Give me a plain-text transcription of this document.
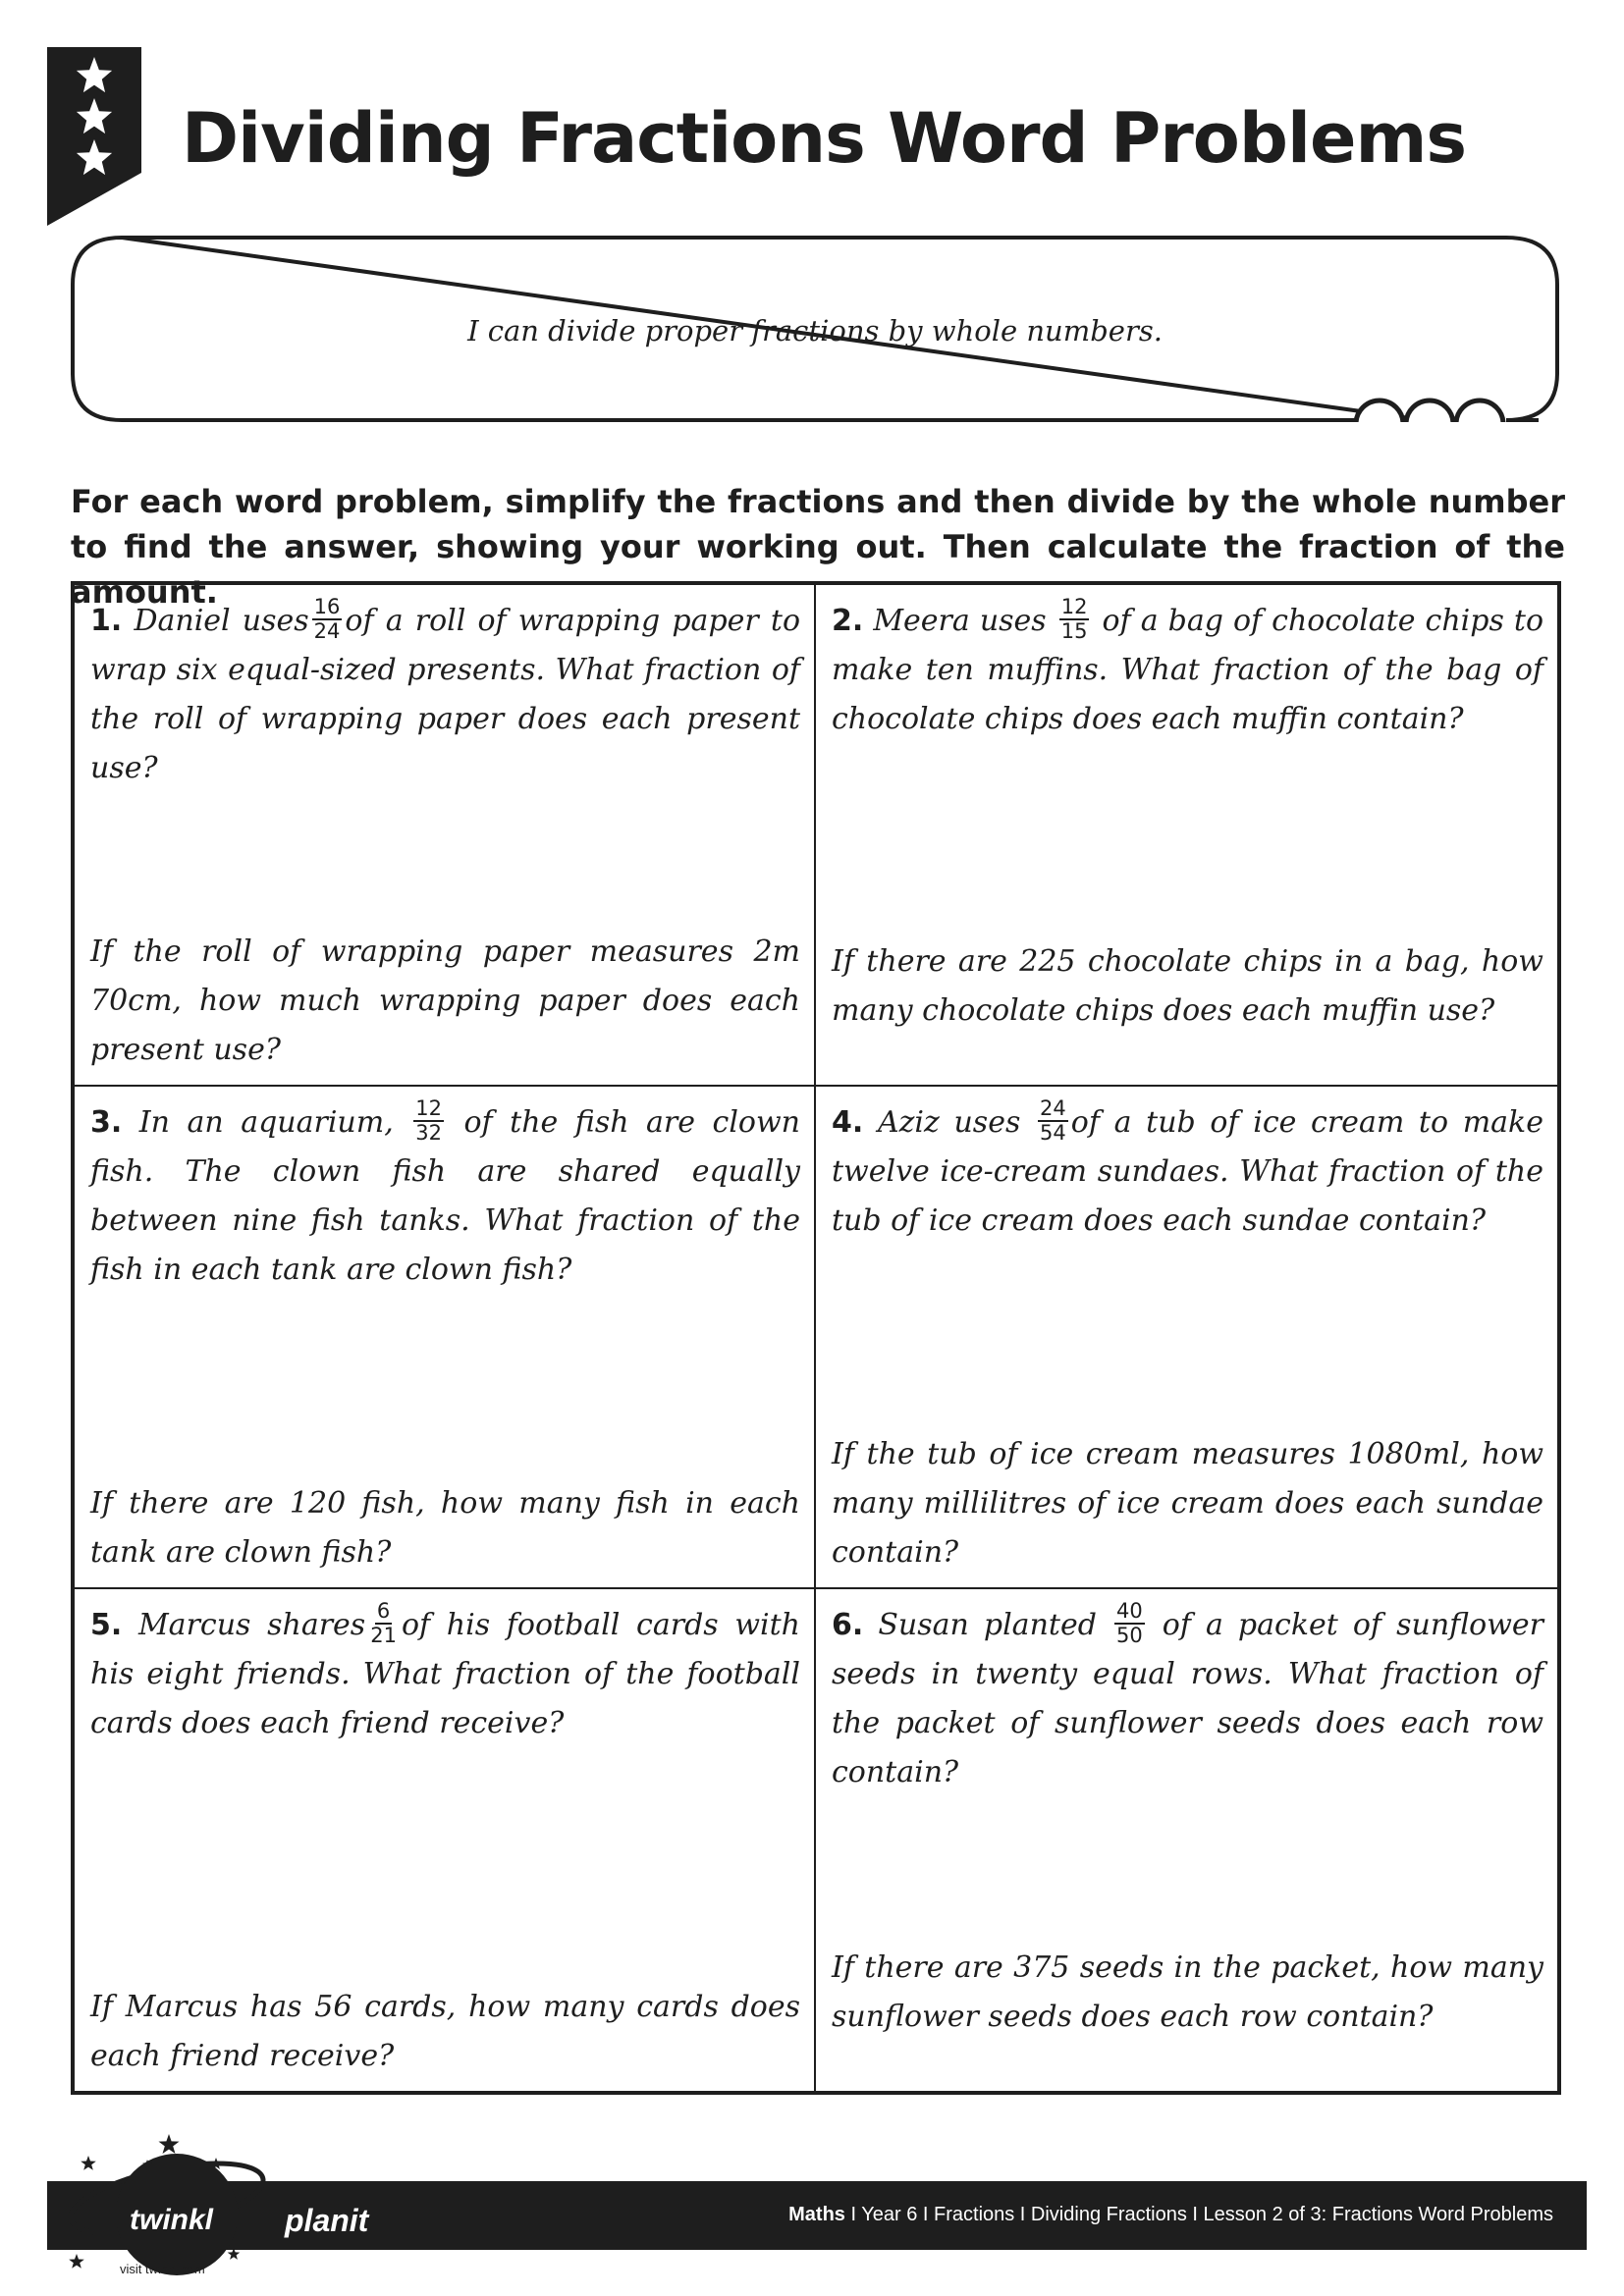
Dividing Fractions Word Problems
I can divide proper fractions by whole numbers.

For each word problem, simplify the fractions and then divide by the whole number to find the answer, showing your working out. Then calculate the fraction of the amount.

1. Daniel uses $\frac{16}{24}$ of a roll of wrapping paper to wrap six equal-sized presents. What fraction of the roll of wrapping paper does each present use?

If the roll of wrapping paper measures 2m 70cm, how much wrapping paper does each present use?

2. Meera uses $\frac{12}{15}$ of a bag of chocolate chips to make ten muffins. What fraction of the bag of chocolate chips does each muffin contain?

If there are 225 chocolate chips in a bag, how many chocolate chips does each muffin use?

3. In an aquarium, $\frac{12}{32}$ of the fish are clown fish. The clown fish are shared equally between nine fish tanks. What fraction of the fish in each tank are clown fish?

If there are 120 fish, how many fish in each tank are clown fish?

4. Aziz uses $\frac{24}{54}$ of a tub of ice cream to make twelve ice-cream sundaes. What fraction of the tub of ice cream does each sundae contain?

If the tub of ice cream measures 1080ml, how many millilitres of ice cream does each sundae contain?

5. Marcus shares $\frac{6}{21}$ of his football cards with his eight friends. What fraction of the football cards does each friend receive?

If Marcus has 56 cards, how many cards does each friend receive?

6. Susan planted $\frac{40}{50}$ of a packet of sunflower seeds in twenty equal rows. What fraction of the packet of sunflower seeds does each row contain?

If there are 375 seeds in the packet, how many sunflower seeds does each row contain?

Maths I Year 6 I Fractions I Dividing Fractions I Lesson 2 of 3: Fractions Word Problems
twinkl planit
visit twinkl.com
